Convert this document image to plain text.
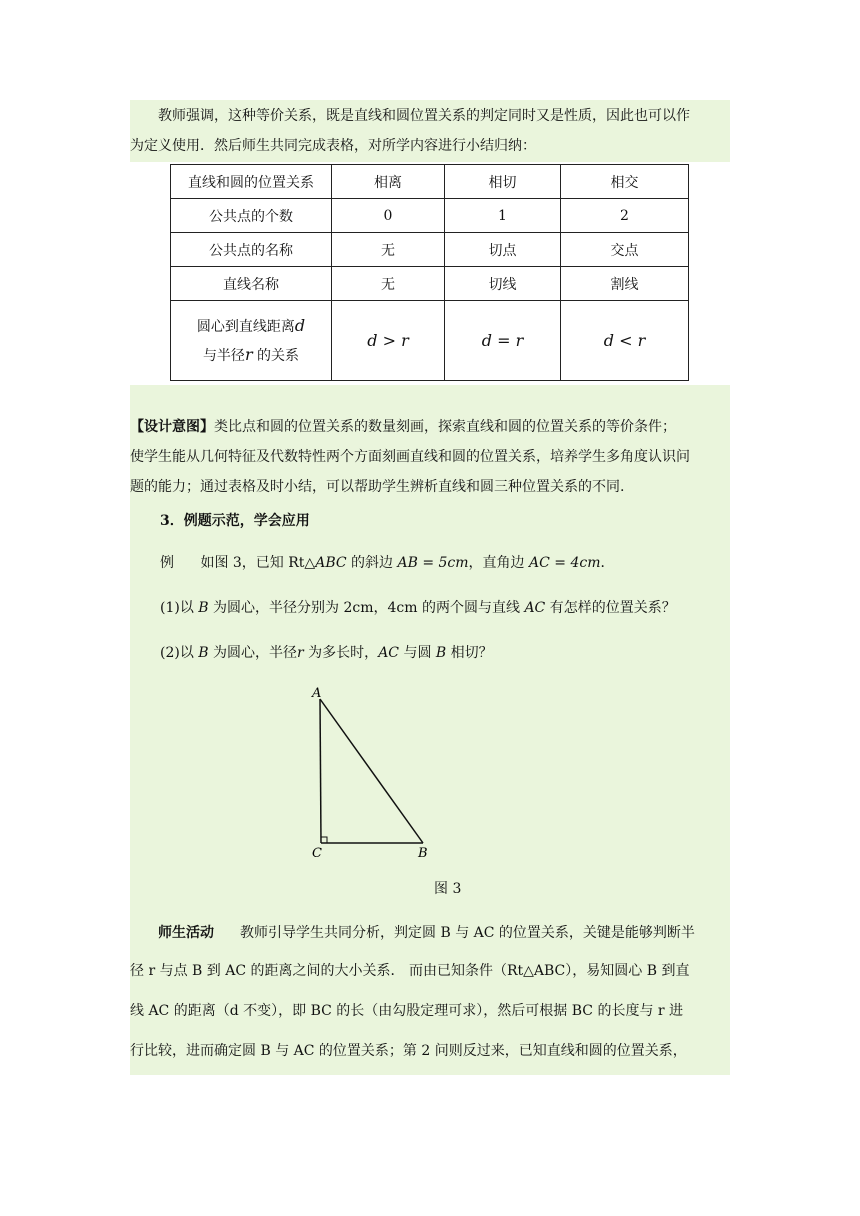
教师强调，这种等价关系，既是直线和圆位置关系的判定同时又是性质，因此也可以作
为定义使用．然后师生共同完成表格，对所学内容进行小结归纳：
直线和圆的位置关系	相离	相切	相交
公共点的个数	0	1	2
公共点的名称	无	切点	交点
直线名称	无	切线	割线

圆心到直线距离d
与半径r 的关系	d > r	d = r	d < r
【设计意图】类比点和圆的位置关系的数量刻画，探索直线和圆的位置关系的等价条件；
使学生能从几何特征及代数特性两个方面刻画直线和圆的位置关系，培养学生多角度认识问
题的能力；通过表格及时小结，可以帮助学生辨析直线和圆三种位置关系的不同.
3．例题示范，学会应用
例 如图 3，已知 Rt△ABC 的斜边 AB = 5cm，直角边 AC = 4cm．
(1)以 B 为圆心，半径分别为 2cm，4cm 的两个圆与直线 AC 有怎样的位置关系？
(2)以 B 为圆心，半径r 为多长时，AC 与圆 B 相切？
A
C	B
图 3
师生活动 教师引导学生共同分析，判定圆 B 与 AC 的位置关系，关键是能够判断半
径 r 与点 B 到 AC 的距离之间的大小关系． 而由已知条件（Rt△ABC），易知圆心 B 到直
线 AC 的距离（d 不变），即 BC 的长（由勾股定理可求），然后可根据 BC 的长度与 r 进
行比较，进而确定圆 B 与 AC 的位置关系；第 2 问则反过来，已知直线和圆的位置关系，
